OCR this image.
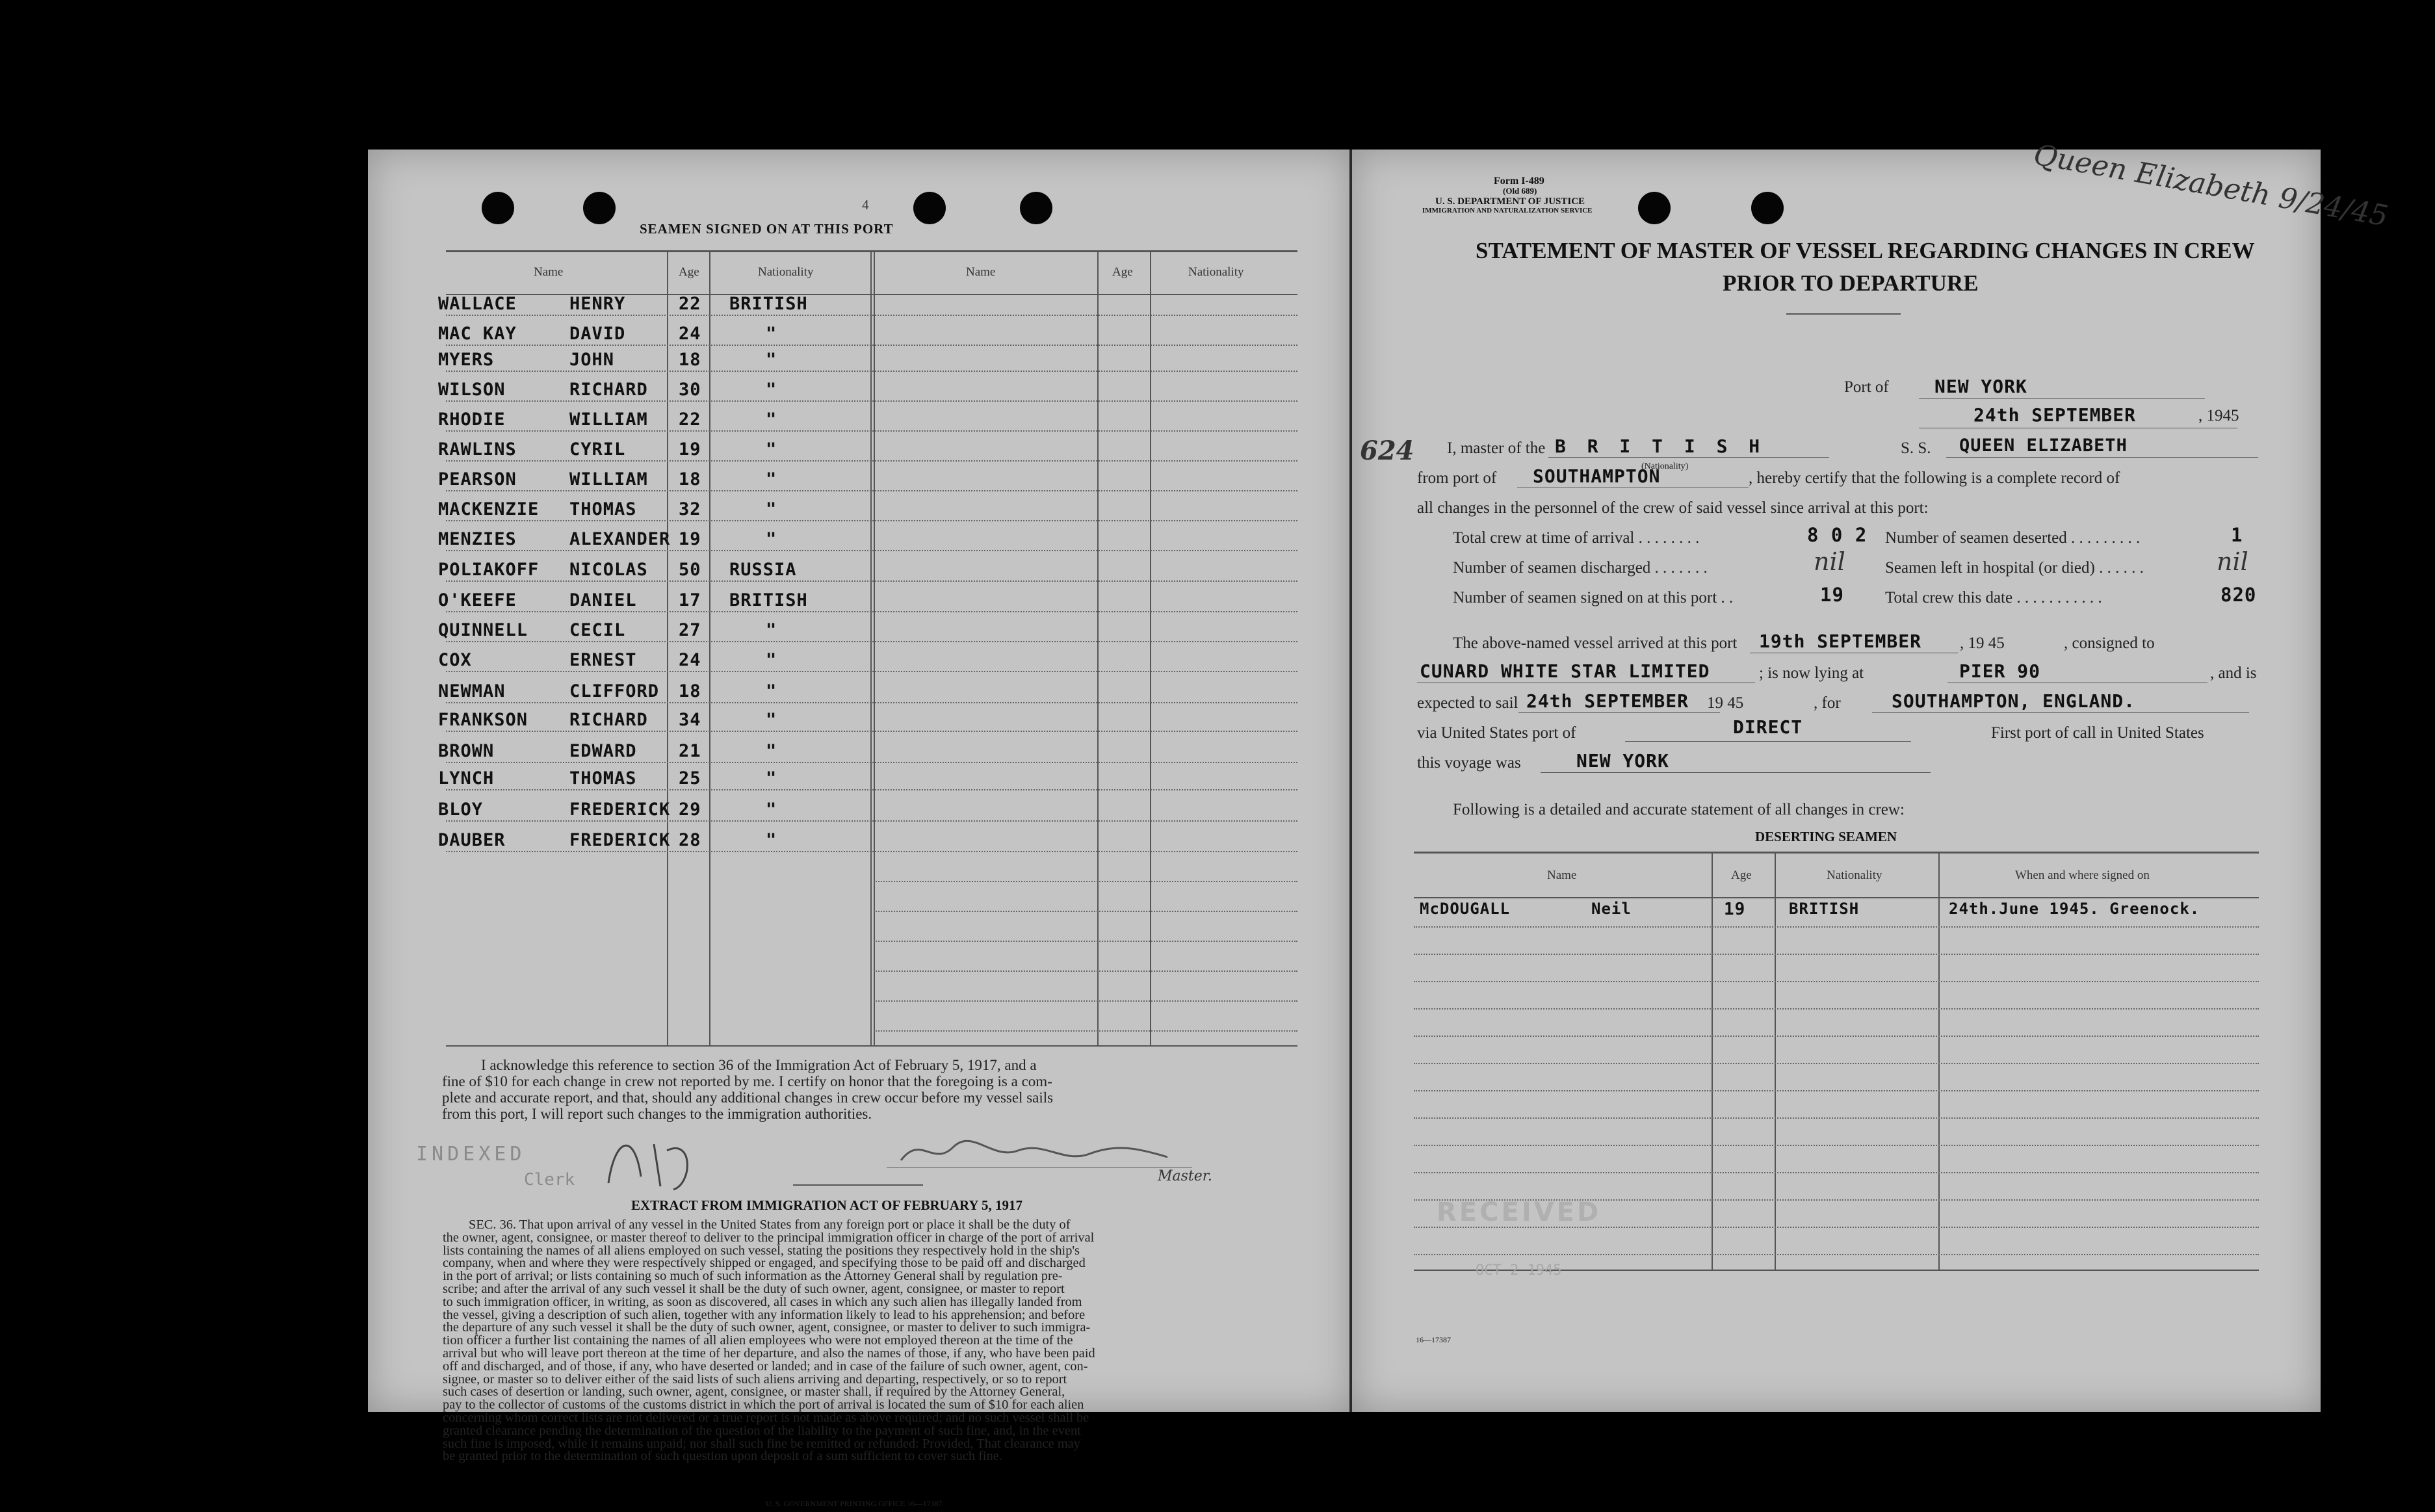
4
SEAMEN SIGNED ON AT THIS PORT
Name	Age	Nationality	Name	Age	Nationality
I acknowledge this reference to section 36 of the Immigration Act of February 5, 1917, and a
fine of $10 for each change in crew not reported by me. I certify on honor that the foregoing is a com-
plete and accurate report, and that, should any additional changes in crew occur before my vessel sails
from this port, I will report such changes to the immigration authorities.
Master.
INDEXED
Clerk
EXTRACT FROM IMMIGRATION ACT OF FEBRUARY 5, 1917
SEC. 36. That upon arrival of any vessel in the United States from any foreign port or place it shall be the duty of
the owner, agent, consignee, or master thereof to deliver to the principal immigration officer in charge of the port of arrival
lists containing the names of all aliens employed on such vessel, stating the positions they respectively hold in the ship's
company, when and where they were respectively shipped or engaged, and specifying those to be paid off and discharged
in the port of arrival; or lists containing so much of such information as the Attorney General shall by regulation pre-
scribe; and after the arrival of any such vessel it shall be the duty of such owner, agent, consignee, or master to report
to such immigration officer, in writing, as soon as discovered, all cases in which any such alien has illegally landed from
the vessel, giving a description of such alien, together with any information likely to lead to his apprehension; and before
the departure of any such vessel it shall be the duty of such owner, agent, consignee, or master to deliver to such immigra-
tion officer a further list containing the names of all alien employees who were not employed thereon at the time of the
arrival but who will leave port thereon at the time of her departure, and also the names of those, if any, who have been paid
off and discharged, and of those, if any, who have deserted or landed; and in case of the failure of such owner, agent, con-
signee, or master so to deliver either of the said lists of such aliens arriving and departing, respectively, or so to report
such cases of desertion or landing, such owner, agent, consignee, or master shall, if required by the Attorney General,
pay to the collector of customs of the customs district in which the port of arrival is located the sum of $10 for each alien
concerning whom correct lists are not delivered or a true report is not made as above required; and no such vessel shall be
granted clearance pending the determination of the question of the liability to the payment of such fine, and, in the event
such fine is imposed, while it remains unpaid; nor shall such fine be remitted or refunded: Provided, That clearance may
be granted prior to the determination of such question upon deposit of a sum sufficient to cover such fine.
U. S. GOVERNMENT PRINTING OFFICE 16—17387
WALLACE	HENRY	22 BRITISH
MAC KAY	DAVID	24	"
MYERS	JOHN	18	"
WILSON	RICHARD 30	"
RHODIE	WILLIAM 22	"
RAWLINS	CYRIL	19	"
PEARSON	WILLIAM 18	"
MACKENZIE THOMAS 32	"
MENZIES	ALEXANDER 19	"
POLIAKOFF NICOLAS 50 RUSSIA
O'KEEFE	DANIEL 17 BRITISH
QUINNELL CECIL	27	"
COX	ERNEST 24	"
NEWMAN	CLIFFORD 18	"
FRANKSON RICHARD 34	"
BROWN	EDWARD 21	"
LYNCH	THOMAS 25	"
BLOY	FREDERICK 29	"
DAUBER	FREDERICK 28	"
Form I-489
(Old 689)
U. S. DEPARTMENT OF JUSTICE
IMMIGRATION AND NATURALIZATION SERVICE	Queen Elizabeth 9/24/45
STATEMENT OF MASTER OF VESSEL REGARDING CHANGES IN CREW
PRIOR TO DEPARTURE
Port of	NEW YORK
24th SEPTEMBER	, 1945
624 I, master of the B R I T I S H
(Nationality)
S. S. QUEEN ELIZABETH
from port of SOUTHAMPTON	, hereby certify that the following is a complete record of
all changes in the personnel of the crew of said vessel since arrival at this port:
Total crew at time of arrival . . . . . . . .	8 0 2 Number of seamen deserted . . . . . . . . .	1
Number of seamen discharged . . . . . . .	nil Seamen left in hospital (or died) . . . . . .	nil
Number of seamen signed on at this port . .	19	Total crew this date . . . . . . . . . . .	820
The above-named vessel arrived at this port 19th SEPTEMBER , 19 45	, consigned to
CUNARD WHITE STAR LIMITED	; is now lying at	PIER 90	, and is
expected to sail 24th SEPTEMBER 19 45	, for	SOUTHAMPTON, ENGLAND.
via United States port of	DIRECT	First port of call in United States
this voyage was	NEW YORK
Following is a detailed and accurate statement of all changes in crew:
DESERTING SEAMEN
Name	Age	Nationality	When and where signed on
RECEIVED
OCT 2 1945
16—17387
McDOUGALL	Neil	19	BRITISH	24th.June 1945. Greenock.
